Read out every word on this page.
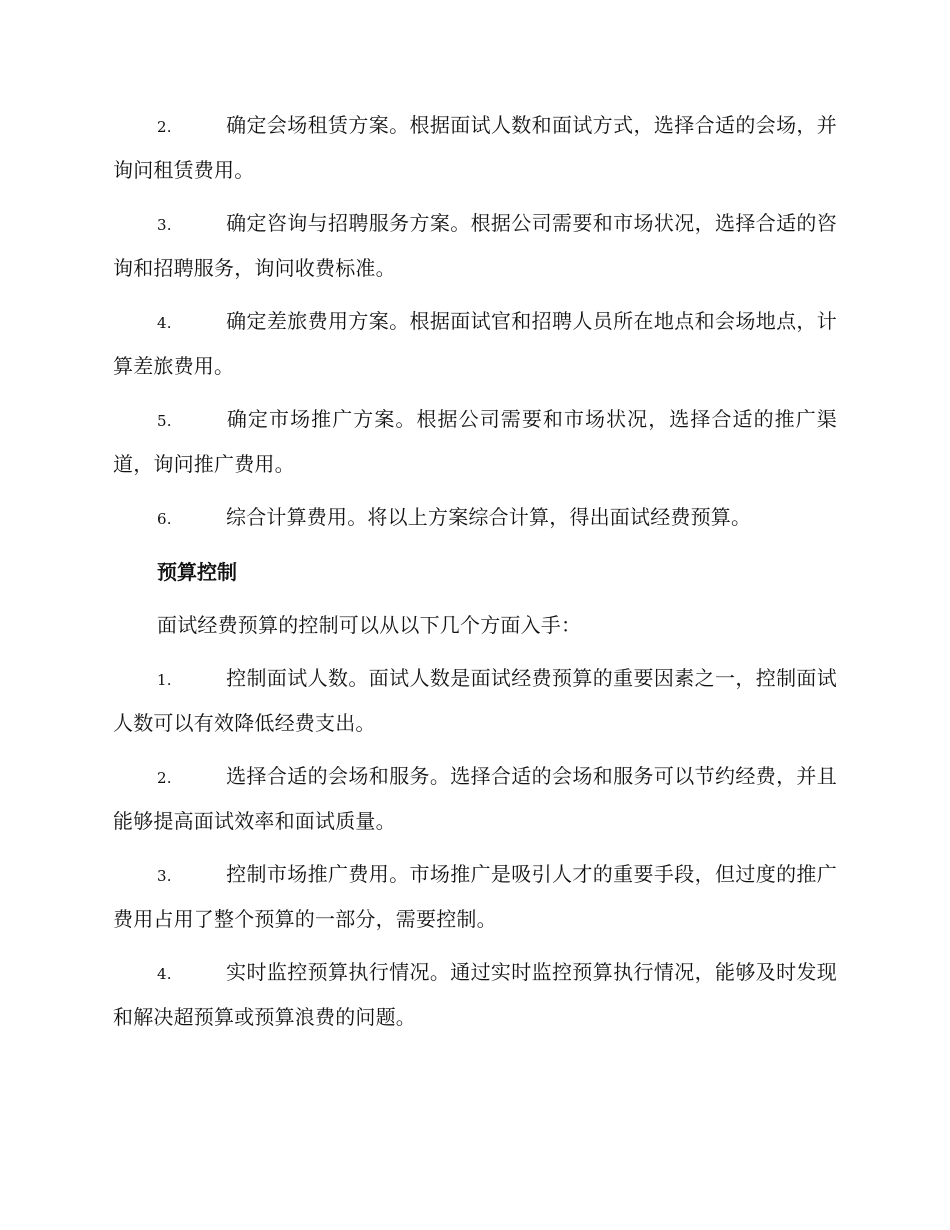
2.	确定会场租赁方案。根据面试人数和面试方式，选择合适的会场，并询问租赁费用。

3.	确定咨询与招聘服务方案。根据公司需要和市场状况，选择合适的咨询和招聘服务，询问收费标准。

4.	确定差旅费用方案。根据面试官和招聘人员所在地点和会场地点，计算差旅费用。

5.	确定市场推广方案。根据公司需要和市场状况，选择合适的推广渠道，询问推广费用。

6.	综合计算费用。将以上方案综合计算，得出面试经费预算。

预算控制

面试经费预算的控制可以从以下几个方面入手：

1.	控制面试人数。面试人数是面试经费预算的重要因素之一，控制面试人数可以有效降低经费支出。

2.	选择合适的会场和服务。选择合适的会场和服务可以节约经费，并且能够提高面试效率和面试质量。

3.	控制市场推广费用。市场推广是吸引人才的重要手段，但过度的推广费用占用了整个预算的一部分，需要控制。

4.	实时监控预算执行情况。通过实时监控预算执行情况，能够及时发现和解决超预算或预算浪费的问题。
